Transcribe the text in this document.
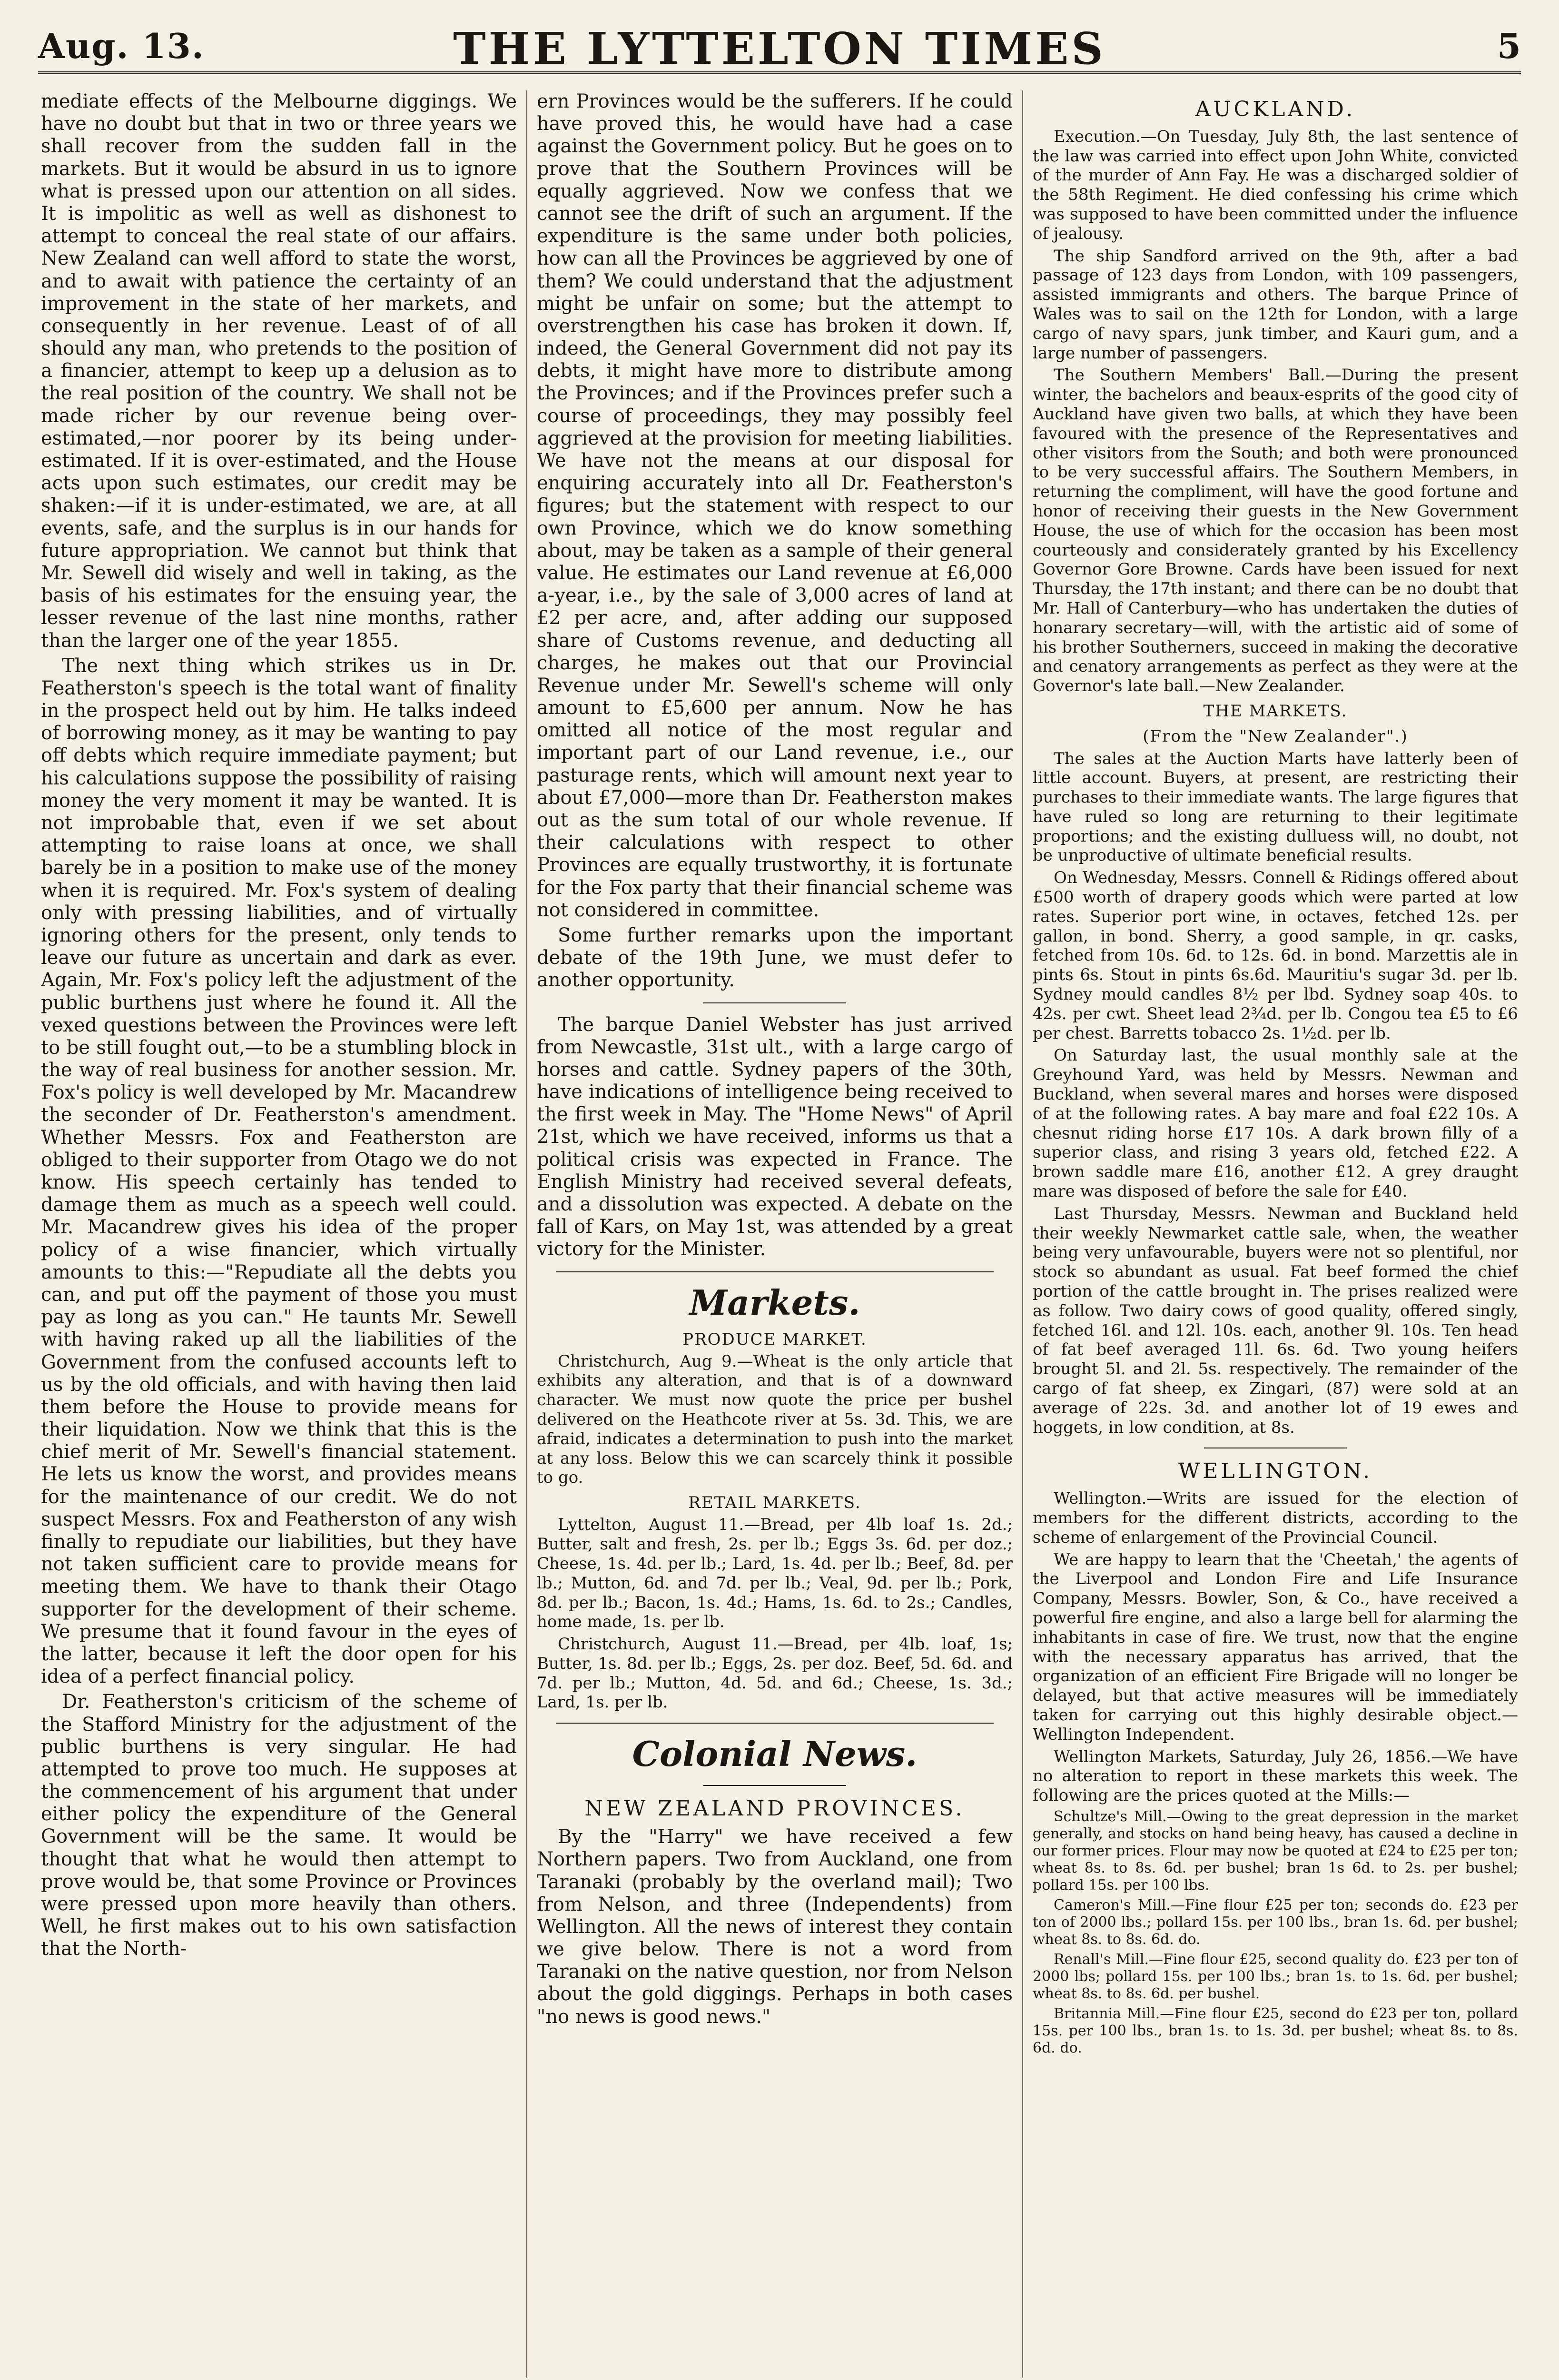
Aug. 13.	THE LYTTELTON TIMES	5

mediate effects of the Melbourne diggings. We have no doubt but that in two or three years we shall recover from the sudden fall in the markets. But it would be absurd in us to ignore what is pressed upon our attention on all sides. It is impolitic as well as well as dishonest to attempt to conceal the real state of our affairs. New Zealand can well afford to state the worst, and to await with patience the certainty of an improvement in the state of her markets, and consequently in her revenue. Least of of all should any man, who pretends to the position of a financier, attempt to keep up a delusion as to the real position of the country. We shall not be made richer by our revenue being over-estimated,—nor poorer by its being under-estimated. If it is over-estimated, and the House acts upon such estimates, our credit may be shaken:—if it is under-estimated, we are, at all events, safe, and the surplus is in our hands for future appropriation. We cannot but think that Mr. Sewell did wisely and well in taking, as the basis of his estimates for the ensuing year, the lesser revenue of the last nine months, rather than the larger one of the year 1855.

The next thing which strikes us in Dr. Featherston's speech is the total want of finality in the prospect held out by him. He talks indeed of borrowing money, as it may be wanting to pay off debts which require immediate payment; but his calculations suppose the possibility of raising money the very moment it may be wanted. It is not improbable that, even if we set about attempting to raise loans at once, we shall barely be in a position to make use of the money when it is required. Mr. Fox's system of dealing only with pressing liabilities, and of virtually ignoring others for the present, only tends to leave our future as uncertain and dark as ever. Again, Mr. Fox's policy left the adjustment of the public burthens just where he found it. All the vexed questions between the Provinces were left to be still fought out,—to be a stumbling block in the way of real business for another session. Mr. Fox's policy is well developed by Mr. Macandrew the seconder of Dr. Featherston's amendment. Whether Messrs. Fox and Featherston are obliged to their supporter from Otago we do not know. His speech certainly has tended to damage them as much as a speech well could. Mr. Macandrew gives his idea of the proper policy of a wise financier, which virtually amounts to this:—"Repudiate all the debts you can, and put off the payment of those you must pay as long as you can." He taunts Mr. Sewell with having raked up all the liabilities of the Government from the confused accounts left to us by the old officials, and with having then laid them before the House to provide means for their liquidation. Now we think that this is the chief merit of Mr. Sewell's financial statement. He lets us know the worst, and provides means for the maintenance of our credit. We do not suspect Messrs. Fox and Featherston of any wish finally to repudiate our liabilities, but they have not taken sufficient care to provide means for meeting them. We have to thank their Otago supporter for the development of their scheme. We presume that it found favour in the eyes of the latter, because it left the door open for his idea of a perfect financial policy.

Dr. Featherston's criticism of the scheme of the Stafford Ministry for the adjustment of the public burthens is very singular. He had attempted to prove too much. He supposes at the commencement of his argument that under either policy the expenditure of the General Government will be the same. It would be thought that what he would then attempt to prove would be, that some Province or Provinces were pressed upon more heavily than others. Well, he first makes out to his own satisfaction that the North-

ern Provinces would be the sufferers. If he could have proved this, he would have had a case against the Government policy. But he goes on to prove that the Southern Provinces will be equally aggrieved. Now we confess that we cannot see the drift of such an argument. If the expenditure is the same under both policies, how can all the Provinces be aggrieved by one of them? We could understand that the adjustment might be unfair on some; but the attempt to overstrengthen his case has broken it down. If, indeed, the General Government did not pay its debts, it might have more to distribute among the Provinces; and if the Provinces prefer such a course of proceedings, they may possibly feel aggrieved at the provision for meeting liabilities. We have not the means at our disposal for enquiring accurately into all Dr. Featherston's figures; but the statement with respect to our own Province, which we do know something about, may be taken as a sample of their general value. He estimates our Land revenue at £6,000 a-year, i.e., by the sale of 3,000 acres of land at £2 per acre, and, after adding our supposed share of Customs revenue, and deducting all charges, he makes out that our Provincial Revenue under Mr. Sewell's scheme will only amount to £5,600 per annum. Now he has omitted all notice of the most regular and important part of our Land revenue, i.e., our pasturage rents, which will amount next year to about £7,000—more than Dr. Featherston makes out as the sum total of our whole revenue. If their calculations with respect to other Provinces are equally trustworthy, it is fortunate for the Fox party that their financial scheme was not considered in committee.

Some further remarks upon the important debate of the 19th June, we must defer to another opportunity.

The barque Daniel Webster has just arrived from Newcastle, 31st ult., with a large cargo of horses and cattle. Sydney papers of the 30th, have indications of intelligence being received to the first week in May. The "Home News" of April 21st, which we have received, informs us that a political crisis was expected in France. The English Ministry had received several defeats, and a dissolution was expected. A debate on the fall of Kars, on May 1st, was attended by a great victory for the Minister.

Markets.
PRODUCE MARKET.

Christchurch, Aug 9.—Wheat is the only article that exhibits any alteration, and that is of a downward character. We must now quote the price per bushel delivered on the Heathcote river at 5s. 3d. This, we are afraid, indicates a determination to push into the market at any loss. Below this we can scarcely think it possible to go.

RETAIL MARKETS.

Lyttelton, August 11.—Bread, per 4lb loaf 1s. 2d.; Butter, salt and fresh, 2s. per lb.; Eggs 3s. 6d. per doz.; Cheese, 1s. 4d. per lb.; Lard, 1s. 4d. per lb.; Beef, 8d. per lb.; Mutton, 6d. and 7d. per lb.; Veal, 9d. per lb.; Pork, 8d. per lb.; Bacon, 1s. 4d.; Hams, 1s. 6d. to 2s.; Candles, home made, 1s. per lb.

Christchurch, August 11.—Bread, per 4lb. loaf, 1s; Butter, 1s. 8d. per lb.; Eggs, 2s. per doz. Beef, 5d. 6d. and 7d. per lb.; Mutton, 4d. 5d. and 6d.; Cheese, 1s. 3d.; Lard, 1s. per lb.

Colonial News.
NEW ZEALAND PROVINCES.

By the "Harry" we have received a few Northern papers. Two from Auckland, one from Taranaki (probably by the overland mail); Two from Nelson, and three (Independents) from Wellington. All the news of interest they contain we give below. There is not a word from Taranaki on the native question, nor from Nelson about the gold diggings. Perhaps in both cases "no news is good news."

AUCKLAND.

Execution.—On Tuesday, July 8th, the last sentence of the law was carried into effect upon John White, convicted of the murder of Ann Fay. He was a discharged soldier of the 58th Regiment. He died confessing his crime which was supposed to have been committed under the influence of jealousy.

The ship Sandford arrived on the 9th, after a bad passage of 123 days from London, with 109 passengers, assisted immigrants and others. The barque Prince of Wales was to sail on the 12th for London, with a large cargo of navy spars, junk timber, and Kauri gum, and a large number of passengers.

The Southern Members' Ball.—During the present winter, the bachelors and beaux-esprits of the good city of Auckland have given two balls, at which they have been favoured with the presence of the Representatives and other visitors from the South; and both were pronounced to be very successful affairs. The Southern Members, in returning the compliment, will have the good fortune and honor of receiving their guests in the New Government House, the use of which for the occasion has been most courteously and considerately granted by his Excellency Governor Gore Browne. Cards have been issued for next Thursday, the 17th instant; and there can be no doubt that Mr. Hall of Canterbury—who has undertaken the duties of honarary secretary—will, with the artistic aid of some of his brother Southerners, succeed in making the decorative and cenatory arrangements as perfect as they were at the Governor's late ball.—New Zealander.

THE MARKETS.
(From the "New Zealander".)

The sales at the Auction Marts have latterly been of little account. Buyers, at present, are restricting their purchases to their immediate wants. The large figures that have ruled so long are returning to their legitimate proportions; and the existing dulluess will, no doubt, not be unproductive of ultimate beneficial results.

On Wednesday, Messrs. Connell & Ridings offered about £500 worth of drapery goods which were parted at low rates. Superior port wine, in octaves, fetched 12s. per gallon, in bond. Sherry, a good sample, in qr. casks, fetched from 10s. 6d. to 12s. 6d. in bond. Marzettis ale in pints 6s. Stout in pints 6s.6d. Mauritiu's sugar 3d. per lb. Sydney mould candles 8½ per lbd. Sydney soap 40s. to 42s. per cwt. Sheet lead 2¾d. per lb. Congou tea £5 to £6 per chest. Barretts tobacco 2s. 1½d. per lb.

On Saturday last, the usual monthly sale at the Greyhound Yard, was held by Messrs. Newman and Buckland, when several mares and horses were disposed of at the following rates. A bay mare and foal £22 10s. A chesnut riding horse £17 10s. A dark brown filly of a superior class, and rising 3 years old, fetched £22. A brown saddle mare £16, another £12. A grey draught mare was disposed of before the sale for £40.

Last Thursday, Messrs. Newman and Buckland held their weekly Newmarket cattle sale, when, the weather being very unfavourable, buyers were not so plentiful, nor stock so abundant as usual. Fat beef formed the chief portion of the cattle brought in. The prises realized were as follow. Two dairy cows of good quality, offered singly, fetched 16l. and 12l. 10s. each, another 9l. 10s. Ten head of fat beef averaged 11l. 6s. 6d. Two young heifers brought 5l. and 2l. 5s. respectively. The remainder of the cargo of fat sheep, ex Zingari, (87) were sold at an average of 22s. 3d. and another lot of 19 ewes and hoggets, in low condition, at 8s.

WELLINGTON.

Wellington.—Writs are issued for the election of members for the different districts, according to the scheme of enlargement of the Provincial Council.

We are happy to learn that the 'Cheetah,' the agents of the Liverpool and London Fire and Life Insurance Company, Messrs. Bowler, Son, & Co., have received a powerful fire engine, and also a large bell for alarming the inhabitants in case of fire. We trust, now that the engine with the necessary apparatus has arrived, that the organization of an efficient Fire Brigade will no longer be delayed, but that active measures will be immediately taken for carrying out this highly desirable object.—Wellington Independent.

Wellington Markets, Saturday, July 26, 1856.—We have no alteration to report in these markets this week. The following are the prices quoted at the Mills:—

Schultze's Mill.—Owing to the great depression in the market generally, and stocks on hand being heavy, has caused a decline in our former prices. Flour may now be quoted at £24 to £25 per ton; wheat 8s. to 8s. 6d. per bushel; bran 1s 6d. to 2s. per bushel; pollard 15s. per 100 lbs.

Cameron's Mill.—Fine flour £25 per ton; seconds do. £23 per ton of 2000 lbs.; pollard 15s. per 100 lbs., bran 1s. 6d. per bushel; wheat 8s. to 8s. 6d. do.

Renall's Mill.—Fine flour £25, second quality do. £23 per ton of 2000 lbs; pollard 15s. per 100 lbs.; bran 1s. to 1s. 6d. per bushel; wheat 8s. to 8s. 6d. per bushel.

Britannia Mill.—Fine flour £25, second do £23 per ton, pollard 15s. per 100 lbs., bran 1s. to 1s. 3d. per bushel; wheat 8s. to 8s. 6d. do.
